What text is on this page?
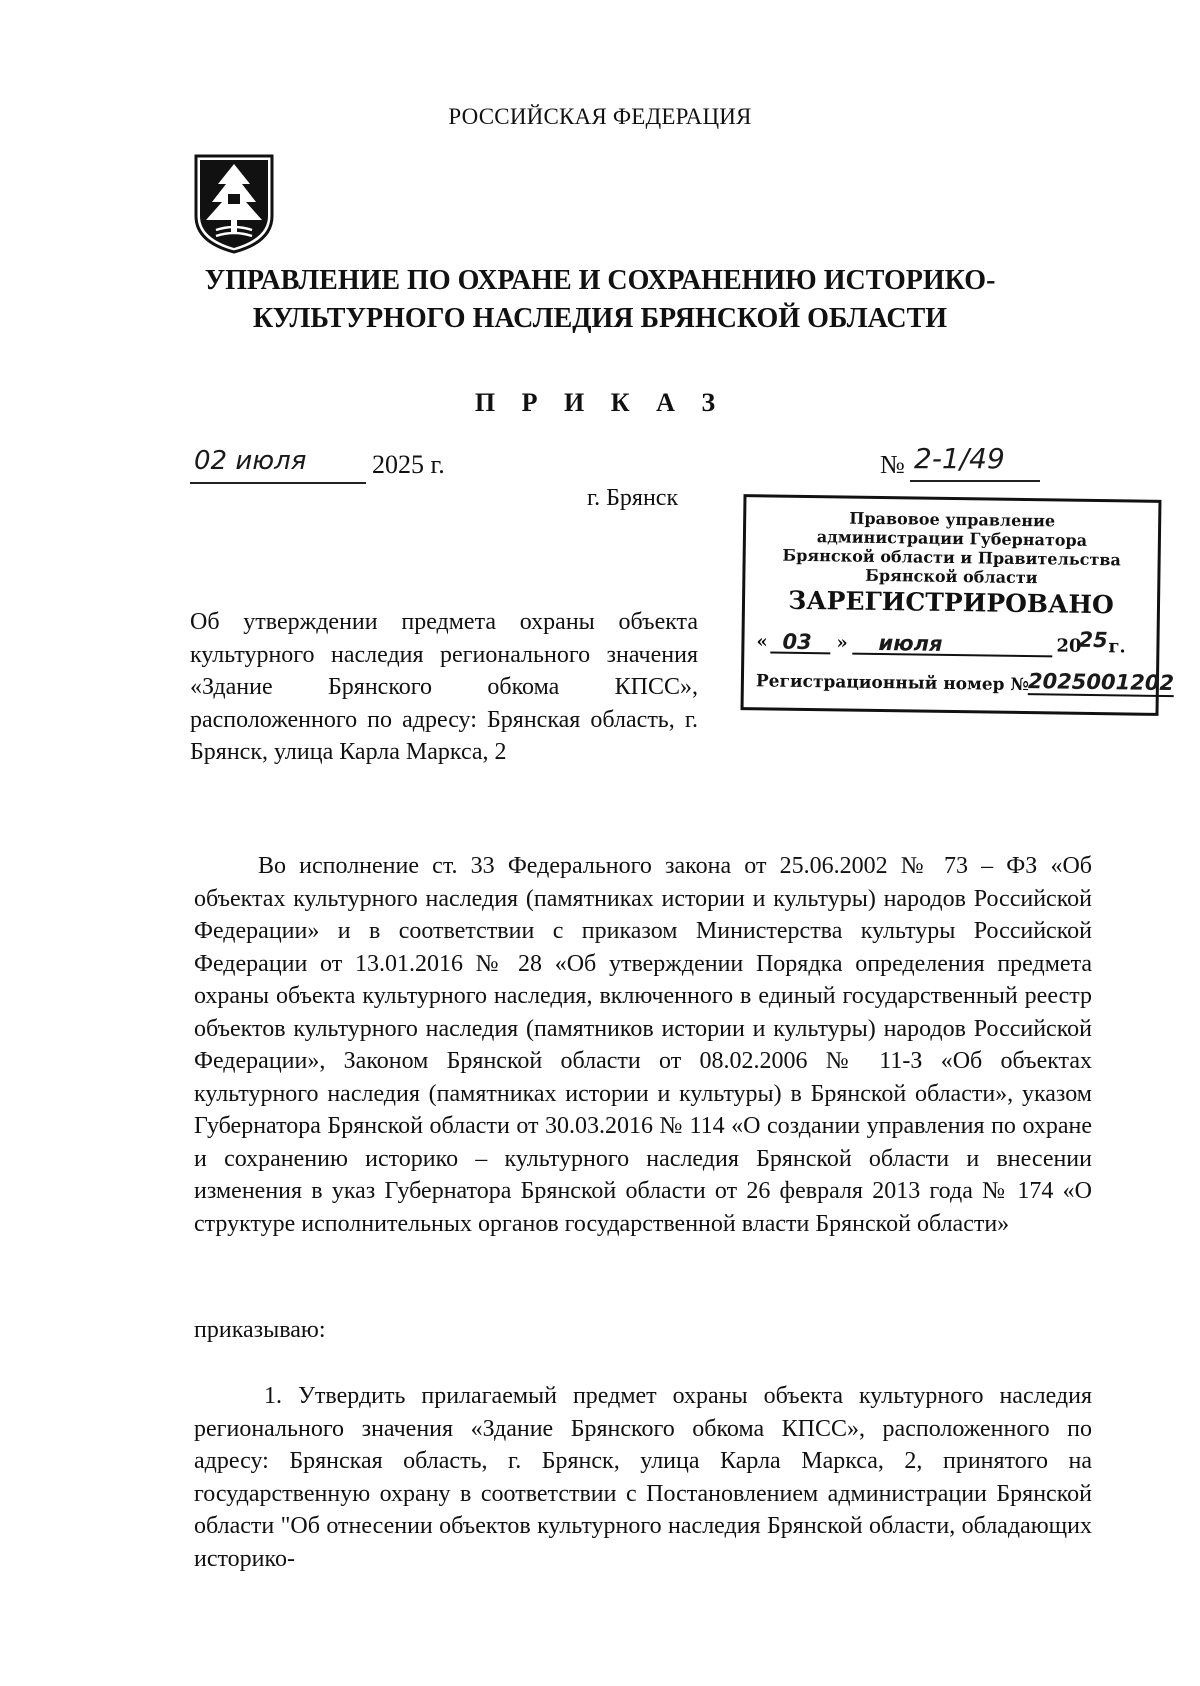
РОССИЙСКАЯ ФЕДЕРАЦИЯ
УПРАВЛЕНИЕ ПО ОХРАНЕ И СОХРАНЕНИЮ ИСТОРИКО-
КУЛЬТУРНОГО НАСЛЕДИЯ БРЯНСКОЙ ОБЛАСТИ
П Р И К А З
02 июля	2025 г.	№ 2-1/49
г. Брянск
Правовое управление
администрации Губернатора
Брянской области и Правительства
Брянской области
ЗАРЕГИСТРИРОВАНО
« 03 » июля	20
25 г.
Регистрационный номер №
2025001202
Об утверждении предмета охраны объекта культурного наследия регионального значения «Здание Брянского обкома КПСС», расположенного по адресу: Брянская область, г. Брянск, улица Карла Маркса, 2
Во исполнение ст. 33 Федерального закона от 25.06.2002 № 73 – ФЗ «Об объектах культурного наследия (памятниках истории и культуры) народов Российской Федерации» и в соответствии с приказом Министерства культуры Российской Федерации от 13.01.2016 № 28 «Об утверждении Порядка определения предмета охраны объекта культурного наследия, включенного в единый государственный реестр объектов культурного наследия (памятников истории и культуры) народов Российской Федерации», Законом Брянской области от 08.02.2006 № 11-З «Об объектах культурного наследия (памятниках истории и культуры) в Брянской области», указом Губернатора Брянской области от 30.03.2016 № 114 «О создании управления по охране и сохранению историко – культурного наследия Брянской области и внесении изменения в указ Губернатора Брянской области от 26 февраля 2013 года № 174 «О структуре исполнительных органов государственной власти Брянской области»
приказываю:
1. Утвердить прилагаемый предмет охраны объекта культурного наследия регионального значения «Здание Брянского обкома КПСС», расположенного по адресу: Брянская область, г. Брянск, улица Карла Маркса, 2, принятого на государственную охрану в соответствии с Постановлением администрации Брянской области "Об отнесении объектов культурного наследия Брянской области, обладающих историко-
